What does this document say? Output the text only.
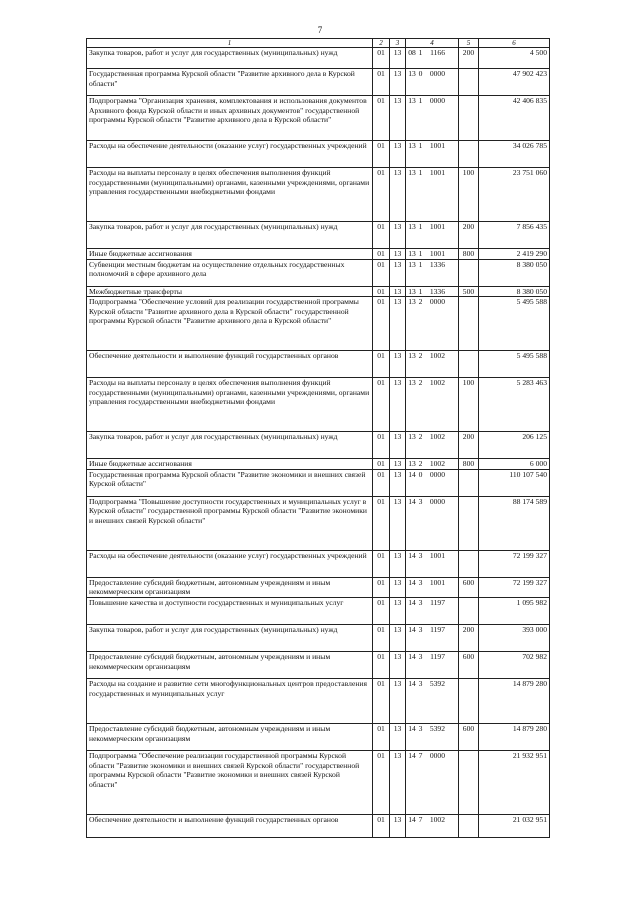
7
1	2	3	4	5	6
Закупка товаров, работ и услуг для государственных (муниципальных) нужд	01	13	08 1 1166	200	4 500
Государственная программа Курской области "Развитие архивного дела в Курской области"	01	13	13 0 0000		47 902 423
Подпрограмма "Организация хранения, комплектования и использования документов Архивного фонда Курской области и иных архивных документов" государственной программы Курской области "Развитие архивного дела в Курской области"	01	13	13 1 0000		42 406 835
Расходы на обеспечение деятельности (оказание услуг) государственных учреждений	01	13	13 1 1001		34 026 785
Расходы на выплаты персоналу в целях обеспечения выполнения функций государственными (муниципальными) органами, казенными учреждениями, органами управления государственными внебюджетными фондами	01	13	13 1 1001	100	23 751 060
Закупка товаров, работ и услуг для государственных (муниципальных) нужд	01	13	13 1 1001	200	7 856 435
Иные бюджетные ассигнования	01	13	13 1 1001	800	2 419 290
Субвенции местным бюджетам на осуществление отдельных государственных полномочий в сфере архивного дела	01	13	13 1 1336		8 380 050
Межбюджетные трансферты	01	13	13 1 1336	500	8 380 050
Подпрограмма "Обеспечение условий для реализации государственной программы Курской области "Развитие архивного дела в Курской области" государственной программы Курской области "Развитие архивного дела в Курской области"	01	13	13 2 0000		5 495 588
Обеспечение деятельности и выполнение функций государственных органов	01	13	13 2 1002		5 495 588
Расходы на выплаты персоналу в целях обеспечения выполнения функций государственными (муниципальными) органами, казенными учреждениями, органами управления государственными внебюджетными фондами	01	13	13 2 1002	100	5 283 463
Закупка товаров, работ и услуг для государственных (муниципальных) нужд	01	13	13 2 1002	200	206 125
Иные бюджетные ассигнования	01	13	13 2 1002	800	6 000
Государственная программа Курской области "Развитие экономики и внешних связей Курской области"	01	13	14 0 0000		110 107 540
Подпрограмма "Повышение доступности государственных и муниципальных услуг в Курской области" государственной программы Курской области "Развитие экономики и внешних связей Курской области"	01	13	14 3 0000		88 174 589
Расходы на обеспечение деятельности (оказание услуг) государственных учреждений	01	13	14 3 1001		72 199 327
Предоставление субсидий бюджетным, автономным учреждениям и иным некоммерческим организациям	01	13	14 3 1001	600	72 199 327
Повышение качества и доступности государственных и муниципальных услуг	01	13	14 3 1197		1 095 982
Закупка товаров, работ и услуг для государственных (муниципальных) нужд	01	13	14 3 1197	200	393 000
Предоставление субсидий бюджетным, автономным учреждениям и иным некоммерческим организациям	01	13	14 3 1197	600	702 982
Расходы на создание и развитие сети многофункциональных центров предоставления государственных и муниципальных услуг	01	13	14 3 5392		14 879 280
Предоставление субсидий бюджетным, автономным учреждениям и иным некоммерческим организациям	01	13	14 3 5392	600	14 879 280
Подпрограмма "Обеспечение реализации государственной программы Курской области "Развитие экономики и внешних связей Курской области" государственной программы Курской области "Развитие экономики и внешних связей Курской области"	01	13	14 7 0000		21 932 951
Обеспечение деятельности и выполнение функций государственных органов	01	13	14 7 1002		21 032 951
